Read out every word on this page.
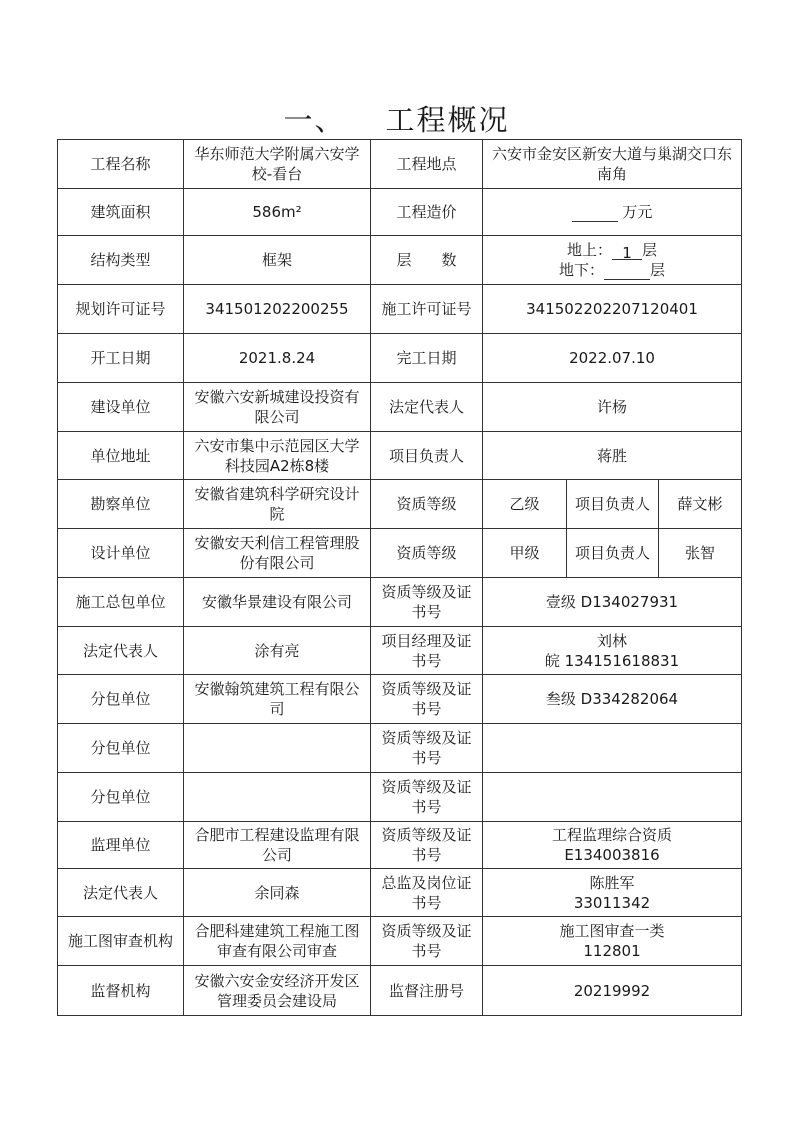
一、 工程概况
工程名称	华东师范大学附属六安学校-看台	工程地点	六安市金安区新安大道与巢湖交口东南角		
建筑面积	586m²	工程造价	万元		
结构类型	框架	层　　数	地上： 1 层
地下： 层		

规划许可证号	341501202200255	施工许可证号	341502202207120401		
开工日期	2021.8.24	完工日期	2022.07.10		
建设单位	安徽六安新城建设投资有限公司	法定代表人	许杨		
单位地址	六安市集中示范园区大学科技园A2栋8楼	项目负责人	蒋胜		
勘察单位	安徽省建筑科学研究设计院	资质等级	乙级	项目负责人	薛文彬
设计单位	安徽安天利信工程管理股份有限公司	资质等级	甲级	项目负责人	张智
施工总包单位	安徽华景建设有限公司	资质等级及证书号	壹级 D134027931		
法定代表人	涂有亮	项目经理及证书号	刘林
皖 134151618831		

分包单位	安徽翰筑建筑工程有限公司	资质等级及证书号	叁级 D334282064		
分包单位		资质等级及证书号			
分包单位		资质等级及证书号			
监理单位	合肥市工程建设监理有限公司	资质等级及证书号	工程监理综合资质
E134003816		

法定代表人	余同森	总监及岗位证书号	陈胜军
33011342		

施工图审查机构	合肥科建建筑工程施工图审查有限公司审查	资质等级及证书号	施工图审查一类
112801		

监督机构	安徽六安金安经济开发区管理委员会建设局	监督注册号	20219992		
